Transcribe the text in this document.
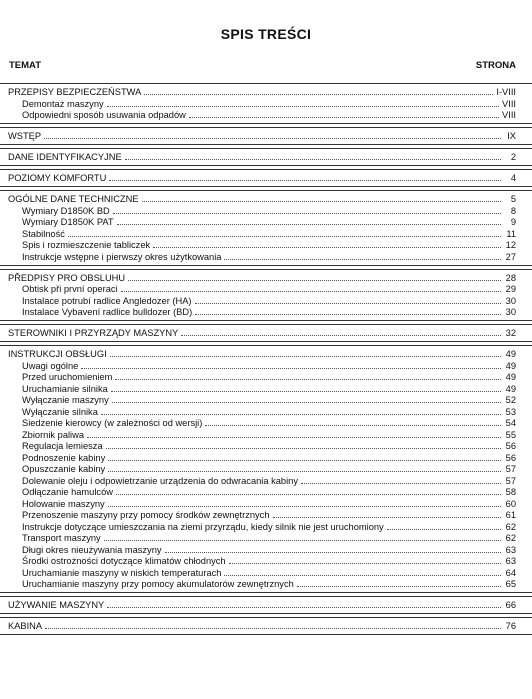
SPIS TREŚCI
TEMAT	STRONA
PRZEPISY BEZPIECZEŃSTWA	I-VIII
Demontaż maszyny	VIII
Odpowiedni sposób usuwania odpadów	VIII
WSTĘP	IX
DANE IDENTYFIKACYJNE	2
POZIOMY KOMFORTU	4
OGÓLNE DANE TECHNICZNE	5
Wymiary D1850K BD	8
Wymiary D1850K PAT	9
Stabilność	11
Spis i rozmieszczenie tabliczek	12
Instrukcje wstępne i pierwszy okres użytkowania	27
PŘEDPISY PRO OBSLUHU	28
Obtisk při první operaci	29
Instalace potrubí radlice Angledozer (HA)	30
Instalace Vybavení radlice bulldozer (BD)	30
STEROWNIKI I PRZYRZĄDY MASZYNY	32
INSTRUKCJI OBSŁUGI	49
Uwagi ogólne	49
Przed uruchomieniem	49
Uruchamianie silnika	49
Wyłączanie maszyny	52
Wyłączanie silnika	53
Siedzenie kierowcy (w zależności od wersji)	54
Zbiornik paliwa	55
Regulacja lemiesza	56
Podnoszenie kabiny	56
Opuszczanie kabiny	57
Dolewanie oleju i odpowietrzanie urządzenia do odwracania kabiny	57
Odłączanie hamulców	58
Holowanie maszyny	60
Przenoszenie maszyny przy pomocy środków zewnętrznych	61
Instrukcje dotyczące umieszczania na ziemi przyrządu, kiedy silnik nie jest uruchomiony	62
Transport maszyny	62
Długi okres nieużywania maszyny	63
Środki ostrożności dotyczące klimatów chłodnych	63
Uruchamianie maszyny w niskich temperaturach	64
Uruchamianie maszyny przy pomocy akumulatorów zewnętrznych	65
UŻYWANIE MASZYNY	66
KABINA	76
